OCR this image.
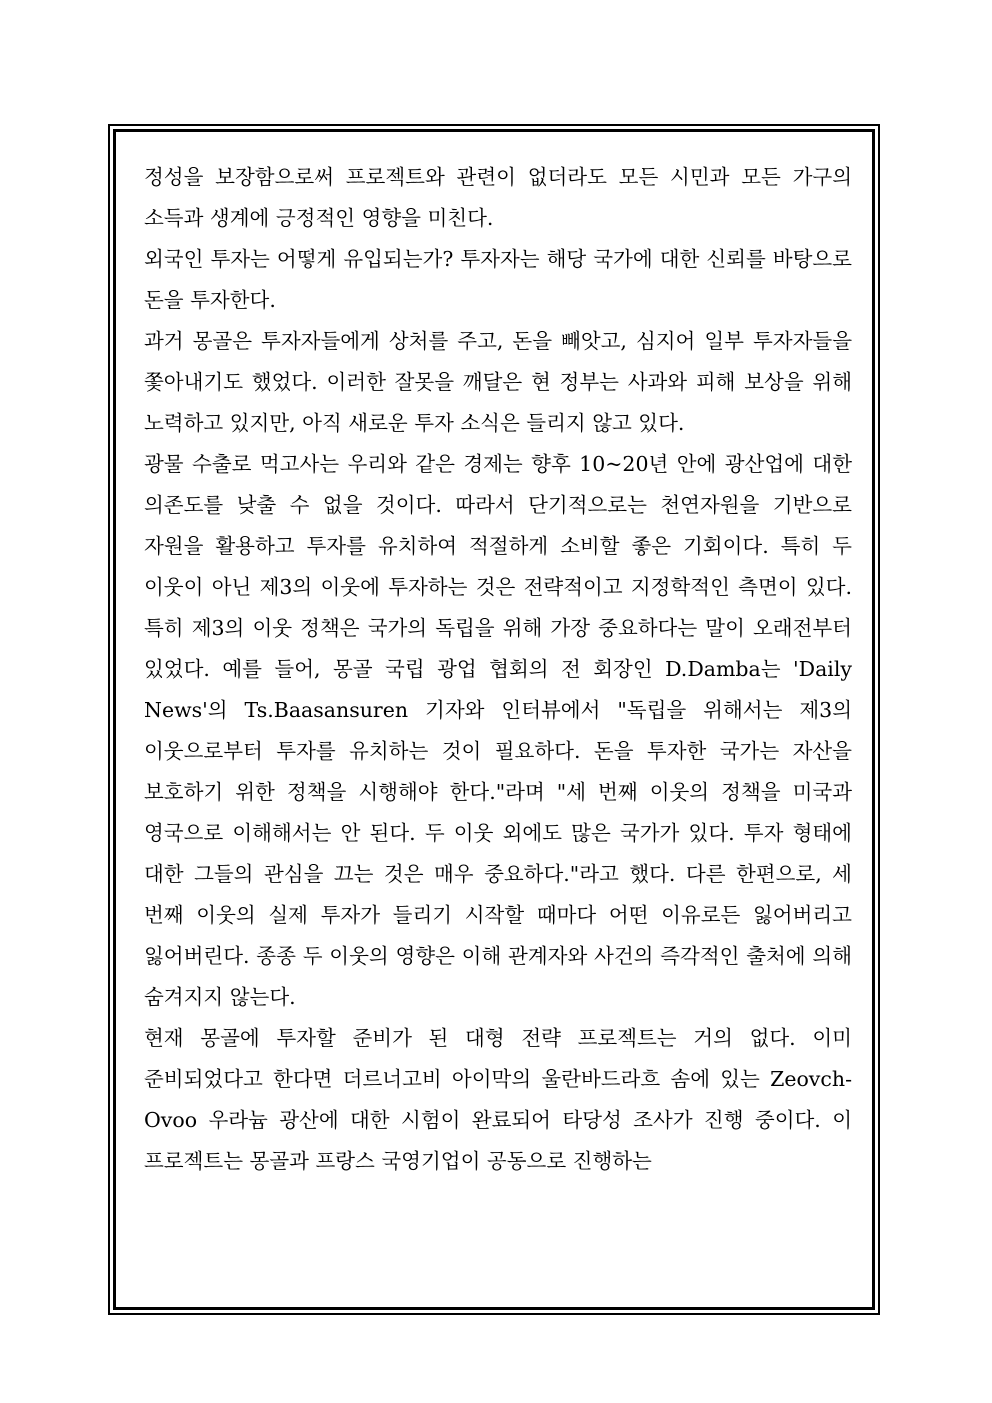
정성을 보장함으로써 프로젝트와 관련이 없더라도 모든 시민과 모든 가구의 소득과 생계에 긍정적인 영향을 미친다.

외국인 투자는 어떻게 유입되는가? 투자자는 해당 국가에 대한 신뢰를 바탕으로 돈을 투자한다.

과거 몽골은 투자자들에게 상처를 주고, 돈을 빼앗고, 심지어 일부 투자자들을 쫓아내기도 했었다. 이러한 잘못을 깨달은 현 정부는 사과와 피해 보상을 위해 노력하고 있지만, 아직 새로운 투자 소식은 들리지 않고 있다.

광물 수출로 먹고사는 우리와 같은 경제는 향후 10~20년 안에 광산업에 대한 의존도를 낮출 수 없을 것이다. 따라서 단기적으로는 천연자원을 기반으로 자원을 활용하고 투자를 유치하여 적절하게 소비할 좋은 기회이다. 특히 두 이웃이 아닌 제3의 이웃에 투자하는 것은 전략적이고 지정학적인 측면이 있다. 특히 제3의 이웃 정책은 국가의 독립을 위해 가장 중요하다는 말이 오래전부터 있었다. 예를 들어, 몽골 국립 광업 협회의 전 회장인 D.Damba는 'Daily News'의 Ts.Baasansuren 기자와 인터뷰에서 "독립을 위해서는 제3의 이웃으로부터 투자를 유치하는 것이 필요하다. 돈을 투자한 국가는 자산을 보호하기 위한 정책을 시행해야 한다."라며 "세 번째 이웃의 정책을 미국과 영국으로 이해해서는 안 된다. 두 이웃 외에도 많은 국가가 있다. 투자 형태에 대한 그들의 관심을 끄는 것은 매우 중요하다."라고 했다. 다른 한편으로, 세 번째 이웃의 실제 투자가 들리기 시작할 때마다 어떤 이유로든 잃어버리고 잃어버린다. 종종 두 이웃의 영향은 이해 관계자와 사건의 즉각적인 출처에 의해 숨겨지지 않는다.

현재 몽골에 투자할 준비가 된 대형 전략 프로젝트는 거의 없다. 이미 준비되었다고 한다면 더르너고비 아이막의 울란바드라흐 솜에 있는 Zeovch-Ovoo 우라늄 광산에 대한 시험이 완료되어 타당성 조사가 진행 중이다. 이 프로젝트는 몽골과 프랑스 국영기업이 공동으로 진행하는
